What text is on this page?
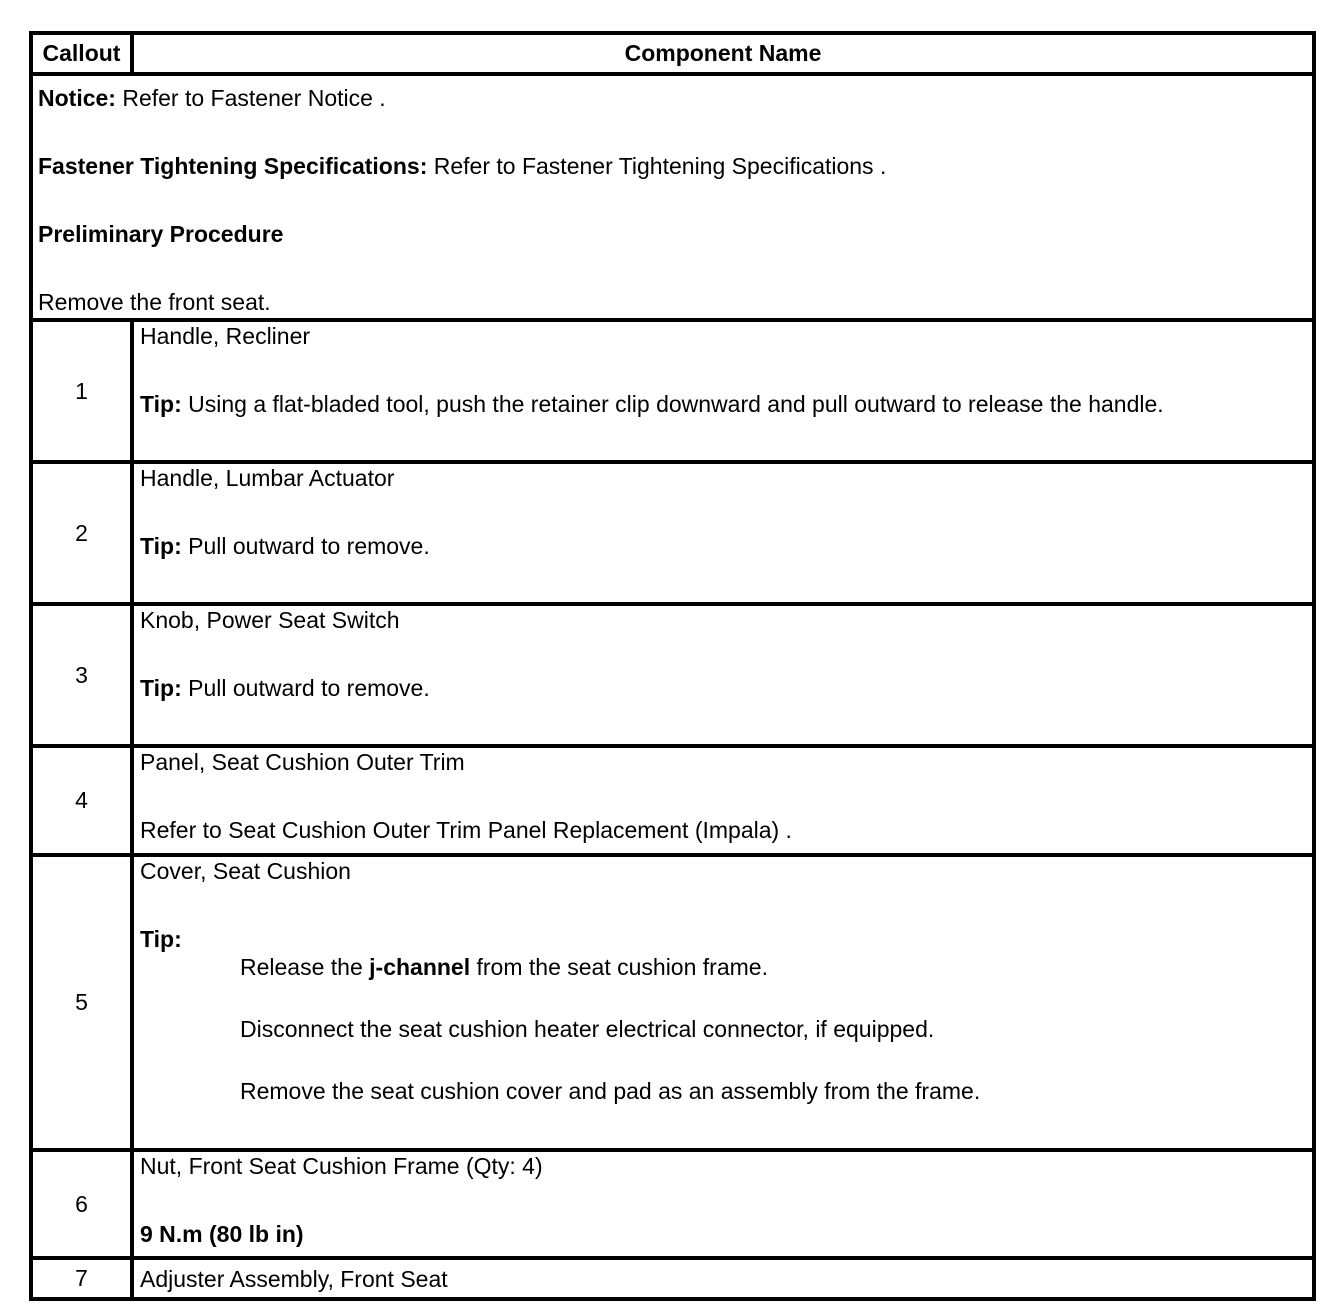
Callout	Component Name

Notice: Refer to Fastener Notice .
Fastener Tightening Specifications: Refer to Fastener Tightening Specifications .
Preliminary Procedure
Remove the front seat.	

1	Handle, Recliner
Tip: Using a flat-bladed tool, push the retainer clip downward and pull outward to release the handle.

2	Handle, Lumbar Actuator
Tip: Pull outward to remove.

3	Knob, Power Seat Switch
Tip: Pull outward to remove.

4	Panel, Seat Cushion Outer Trim
Refer to Seat Cushion Outer Trim Panel Replacement (Impala) .

5	Cover, Seat Cushion
Tip:
Release the j-channel from the seat cushion frame.
Disconnect the seat cushion heater electrical connector, if equipped.
Remove the seat cushion cover and pad as an assembly from the frame.

6	Nut, Front Seat Cushion Frame (Qty: 4)
9 N.m (80 lb in)

7	Adjuster Assembly, Front Seat
